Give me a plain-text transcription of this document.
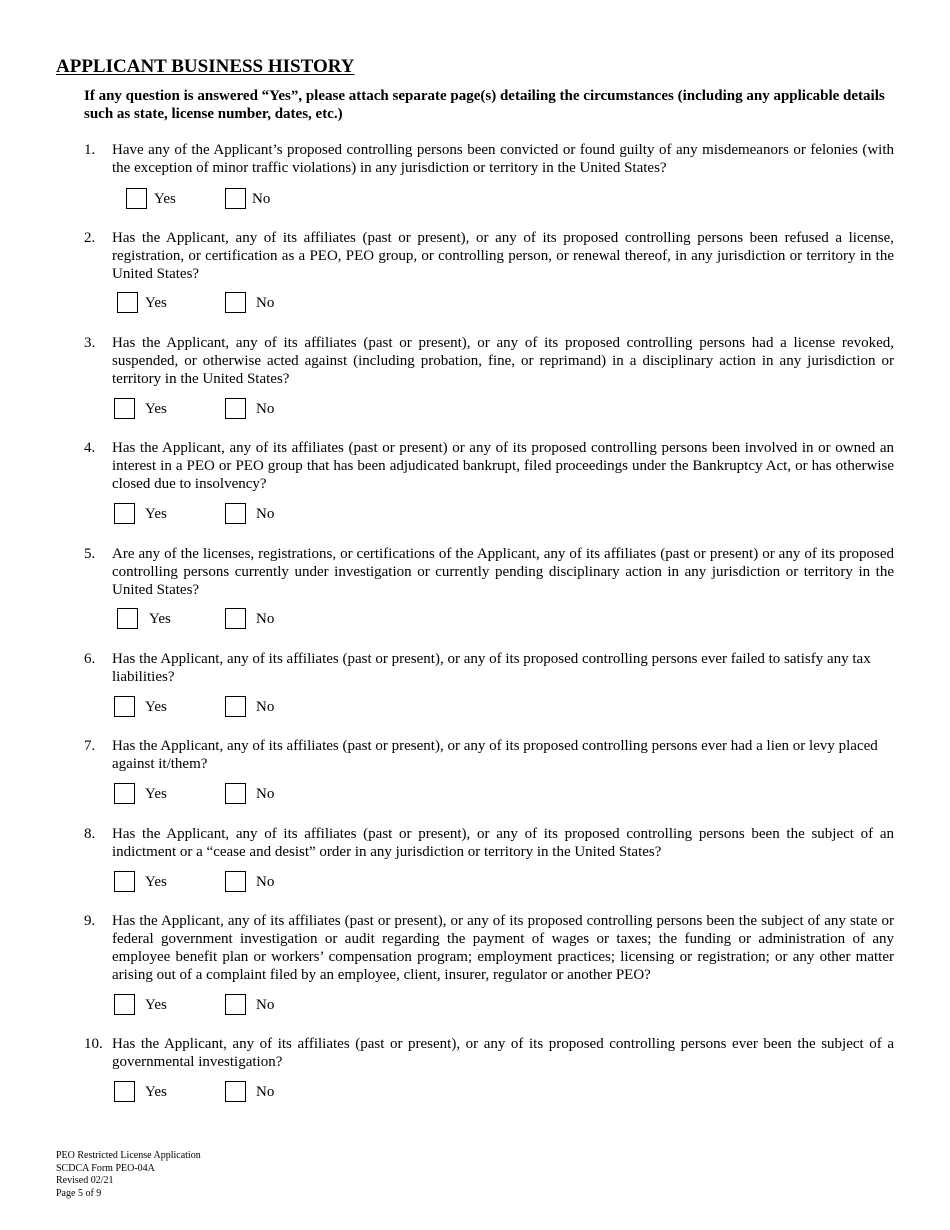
APPLICANT BUSINESS HISTORY
If any question is answered “Yes”, please attach separate page(s) detailing the circumstances (including any applicable details such as state, license number, dates, etc.)
1. Have any of the Applicant’s proposed controlling persons been convicted or found guilty of any misdemeanors or felonies (with the exception of minor traffic violations) in any jurisdiction or territory in the United States?
Yes	No
2. Has the Applicant, any of its affiliates (past or present), or any of its proposed controlling persons been refused a license, registration, or certification as a PEO, PEO group, or controlling person, or renewal thereof, in any jurisdiction or territory in the United States?
Yes	No
3. Has the Applicant, any of its affiliates (past or present), or any of its proposed controlling persons had a license revoked, suspended, or otherwise acted against (including probation, fine, or reprimand) in a disciplinary action in any jurisdiction or territory in the United States?
Yes	No
4. Has the Applicant, any of its affiliates (past or present) or any of its proposed controlling persons been involved in or owned an interest in a PEO or PEO group that has been adjudicated bankrupt, filed proceedings under the Bankruptcy Act, or has otherwise closed due to insolvency?
Yes	No
5. Are any of the licenses, registrations, or certifications of the Applicant, any of its affiliates (past or present) or any of its proposed controlling persons currently under investigation or currently pending disciplinary action in any jurisdiction or territory in the United States?
Yes	No
6. Has the Applicant, any of its affiliates (past or present), or any of its proposed controlling persons ever failed to satisfy any tax liabilities?
Yes	No
7. Has the Applicant, any of its affiliates (past or present), or any of its proposed controlling persons ever had a lien or levy placed against it/them?
Yes	No
8. Has the Applicant, any of its affiliates (past or present), or any of its proposed controlling persons been the subject of an indictment or a “cease and desist” order in any jurisdiction or territory in the United States?
Yes	No
9. Has the Applicant, any of its affiliates (past or present), or any of its proposed controlling persons been the subject of any state or federal government investigation or audit regarding the payment of wages or taxes; the funding or administration of any employee benefit plan or workers’ compensation program; employment practices; licensing or registration; or any other matter arising out of a complaint filed by an employee, client, insurer, regulator or another PEO?
Yes	No
10. Has the Applicant, any of its affiliates (past or present), or any of its proposed controlling persons ever been the subject of a governmental investigation?
Yes	No
PEO Restricted License Application
SCDCA Form PEO-04A
Revised 02/21
Page 5 of 9
